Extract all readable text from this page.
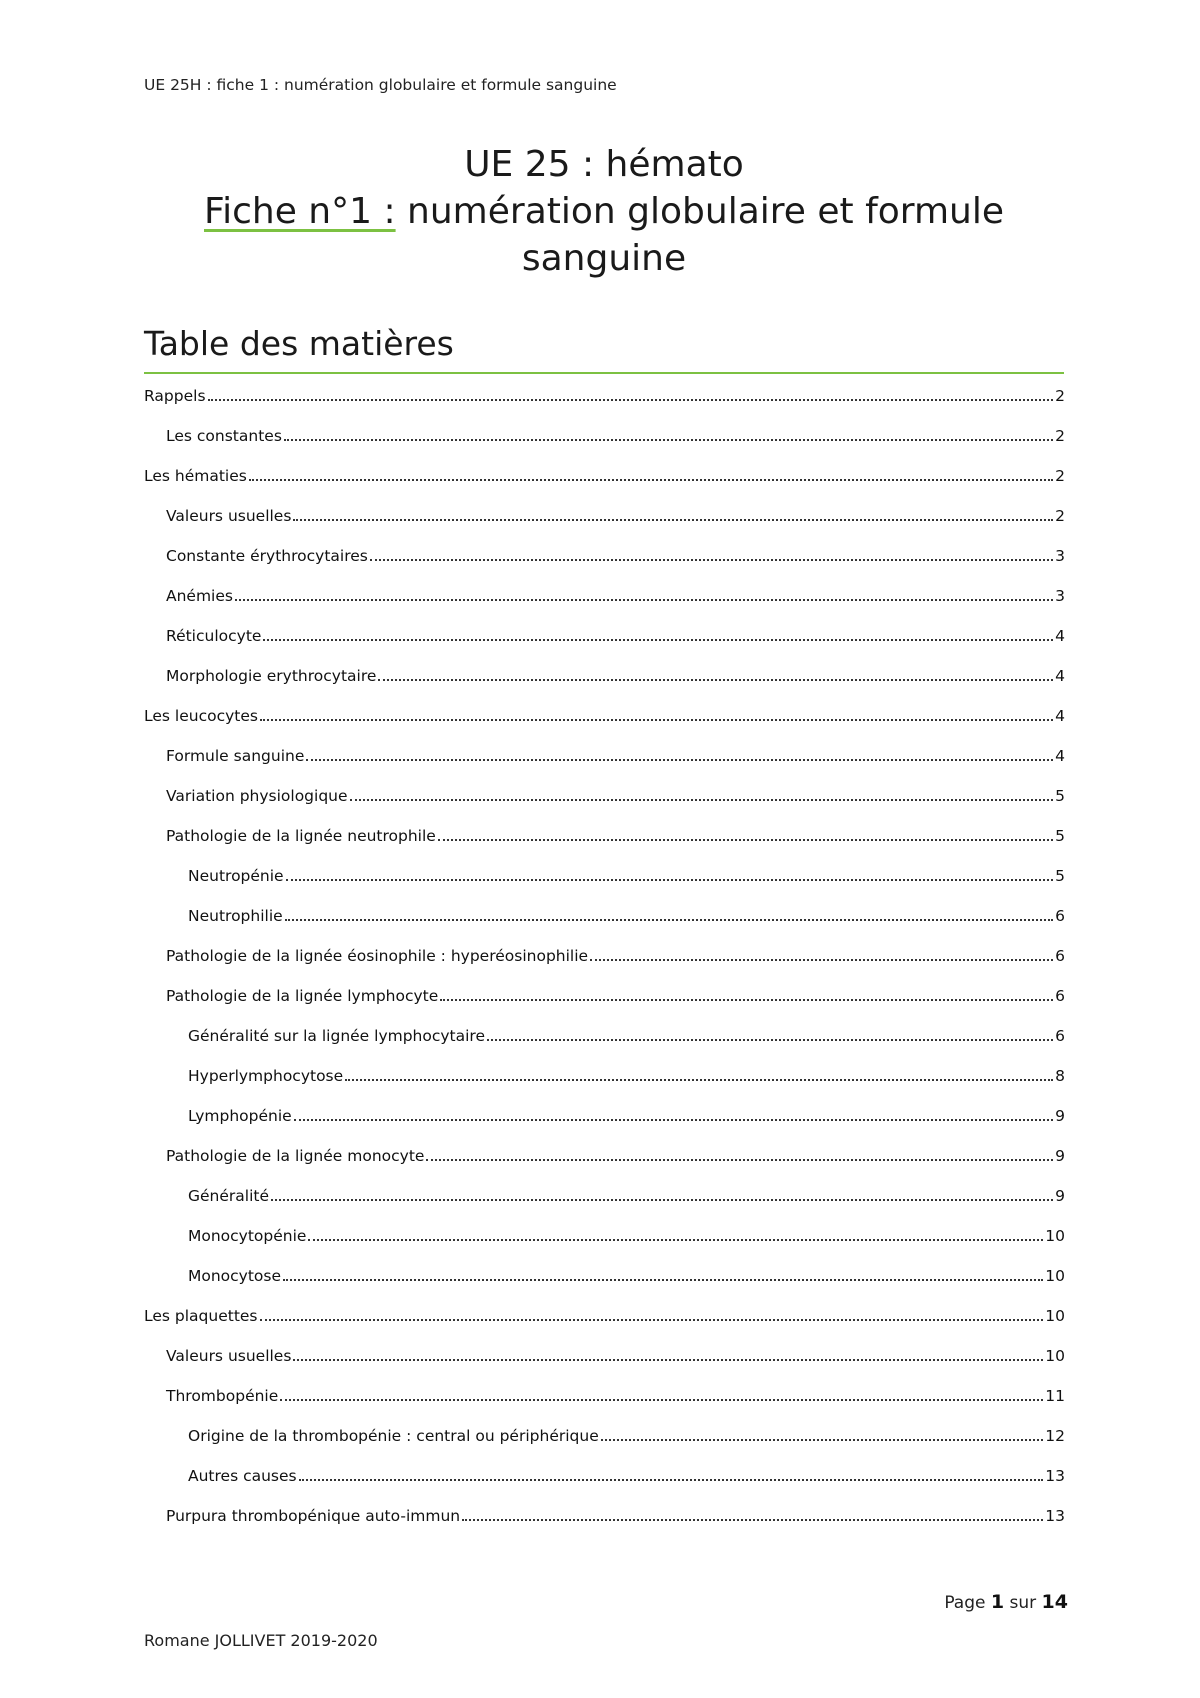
UE 25H : fiche 1 : numération globulaire et formule sanguine
UE 25 : hémato
Fiche n°1 : numération globulaire et formule
sanguine
Table des matières
Rappels	2
Les constantes	2
Les hématies	2
Valeurs usuelles	2
Constante érythrocytaires	3
Anémies	3
Réticulocyte	4
Morphologie erythrocytaire	4
Les leucocytes	4
Formule sanguine	4
Variation physiologique	5
Pathologie de la lignée neutrophile	5
Neutropénie	5
Neutrophilie	6
Pathologie de la lignée éosinophile : hyperéosinophilie	6
Pathologie de la lignée lymphocyte	6
Généralité sur la lignée lymphocytaire	6
Hyperlymphocytose	8
Lymphopénie	9
Pathologie de la lignée monocyte	9
Généralité	9
Monocytopénie	10
Monocytose	10
Les plaquettes	10
Valeurs usuelles	10
Thrombopénie	11
Origine de la thrombopénie : central ou périphérique	12
Autres causes	13
Purpura thrombopénique auto-immun	13
Page 1 sur 14
Romane JOLLIVET 2019-2020
